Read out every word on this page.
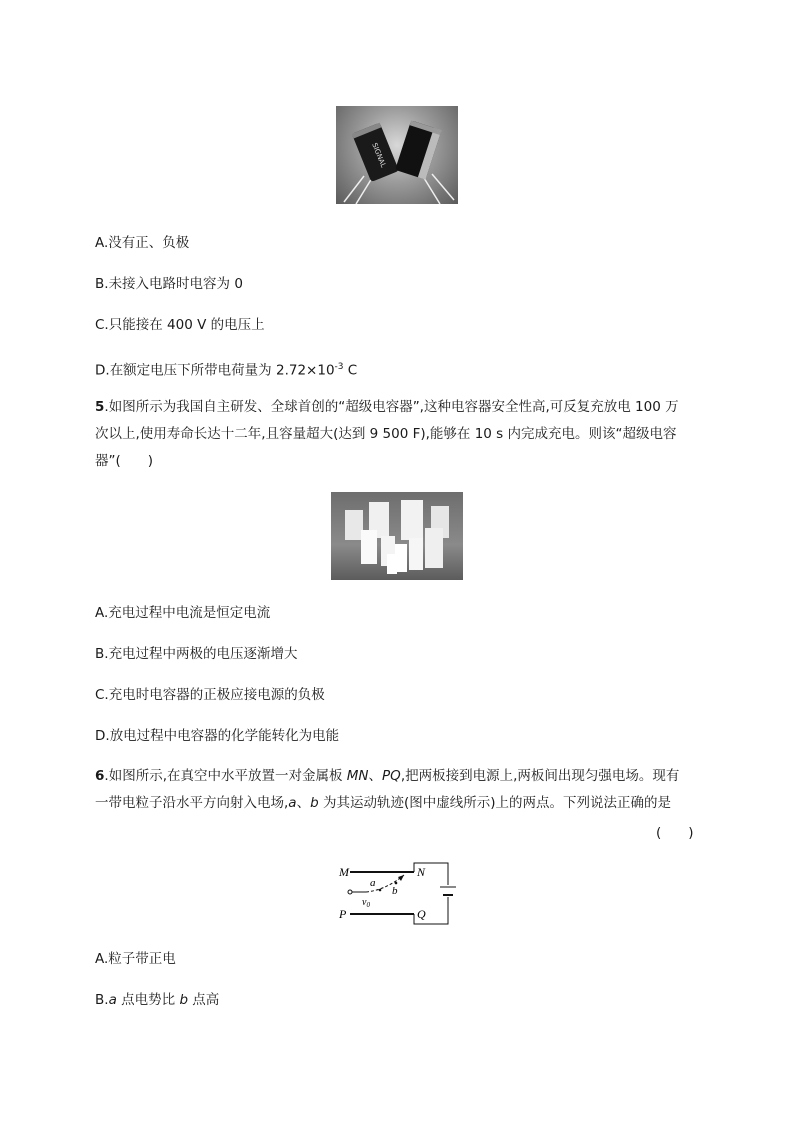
SIGNAL
A.没有正、负极
B.未接入电路时电容为 0
C.只能接在 400 V 的电压上
D.在额定电压下所带电荷量为 $2.72\times 10^{-3}$ C
5.如图所示为我国自主研发、全球首创的“超级电容器”,这种电容器安全性高,可反复充放电 100 万
次以上,使用寿命长达十二年,且容量超大(达到 9 500 F),能够在 10 s 内完成充电。则该“超级电容
器”(　　)
A.充电过程中电流是恒定电流
B.充电过程中两极的电压逐渐增大
C.充电时电容器的正极应接电源的负极
D.放电过程中电容器的化学能转化为电能
6.如图所示,在真空中水平放置一对金属板 MN、PQ,把两板接到电源上,两板间出现匀强电场。现有
一带电粒子沿水平方向射入电场,a、b 为其运动轨迹(图中虚线所示)上的两点。下列说法正确的是
(　　)
M	N
P	Q
a
b
$v_0$
A.粒子带正电
B.a 点电势比 b 点高
